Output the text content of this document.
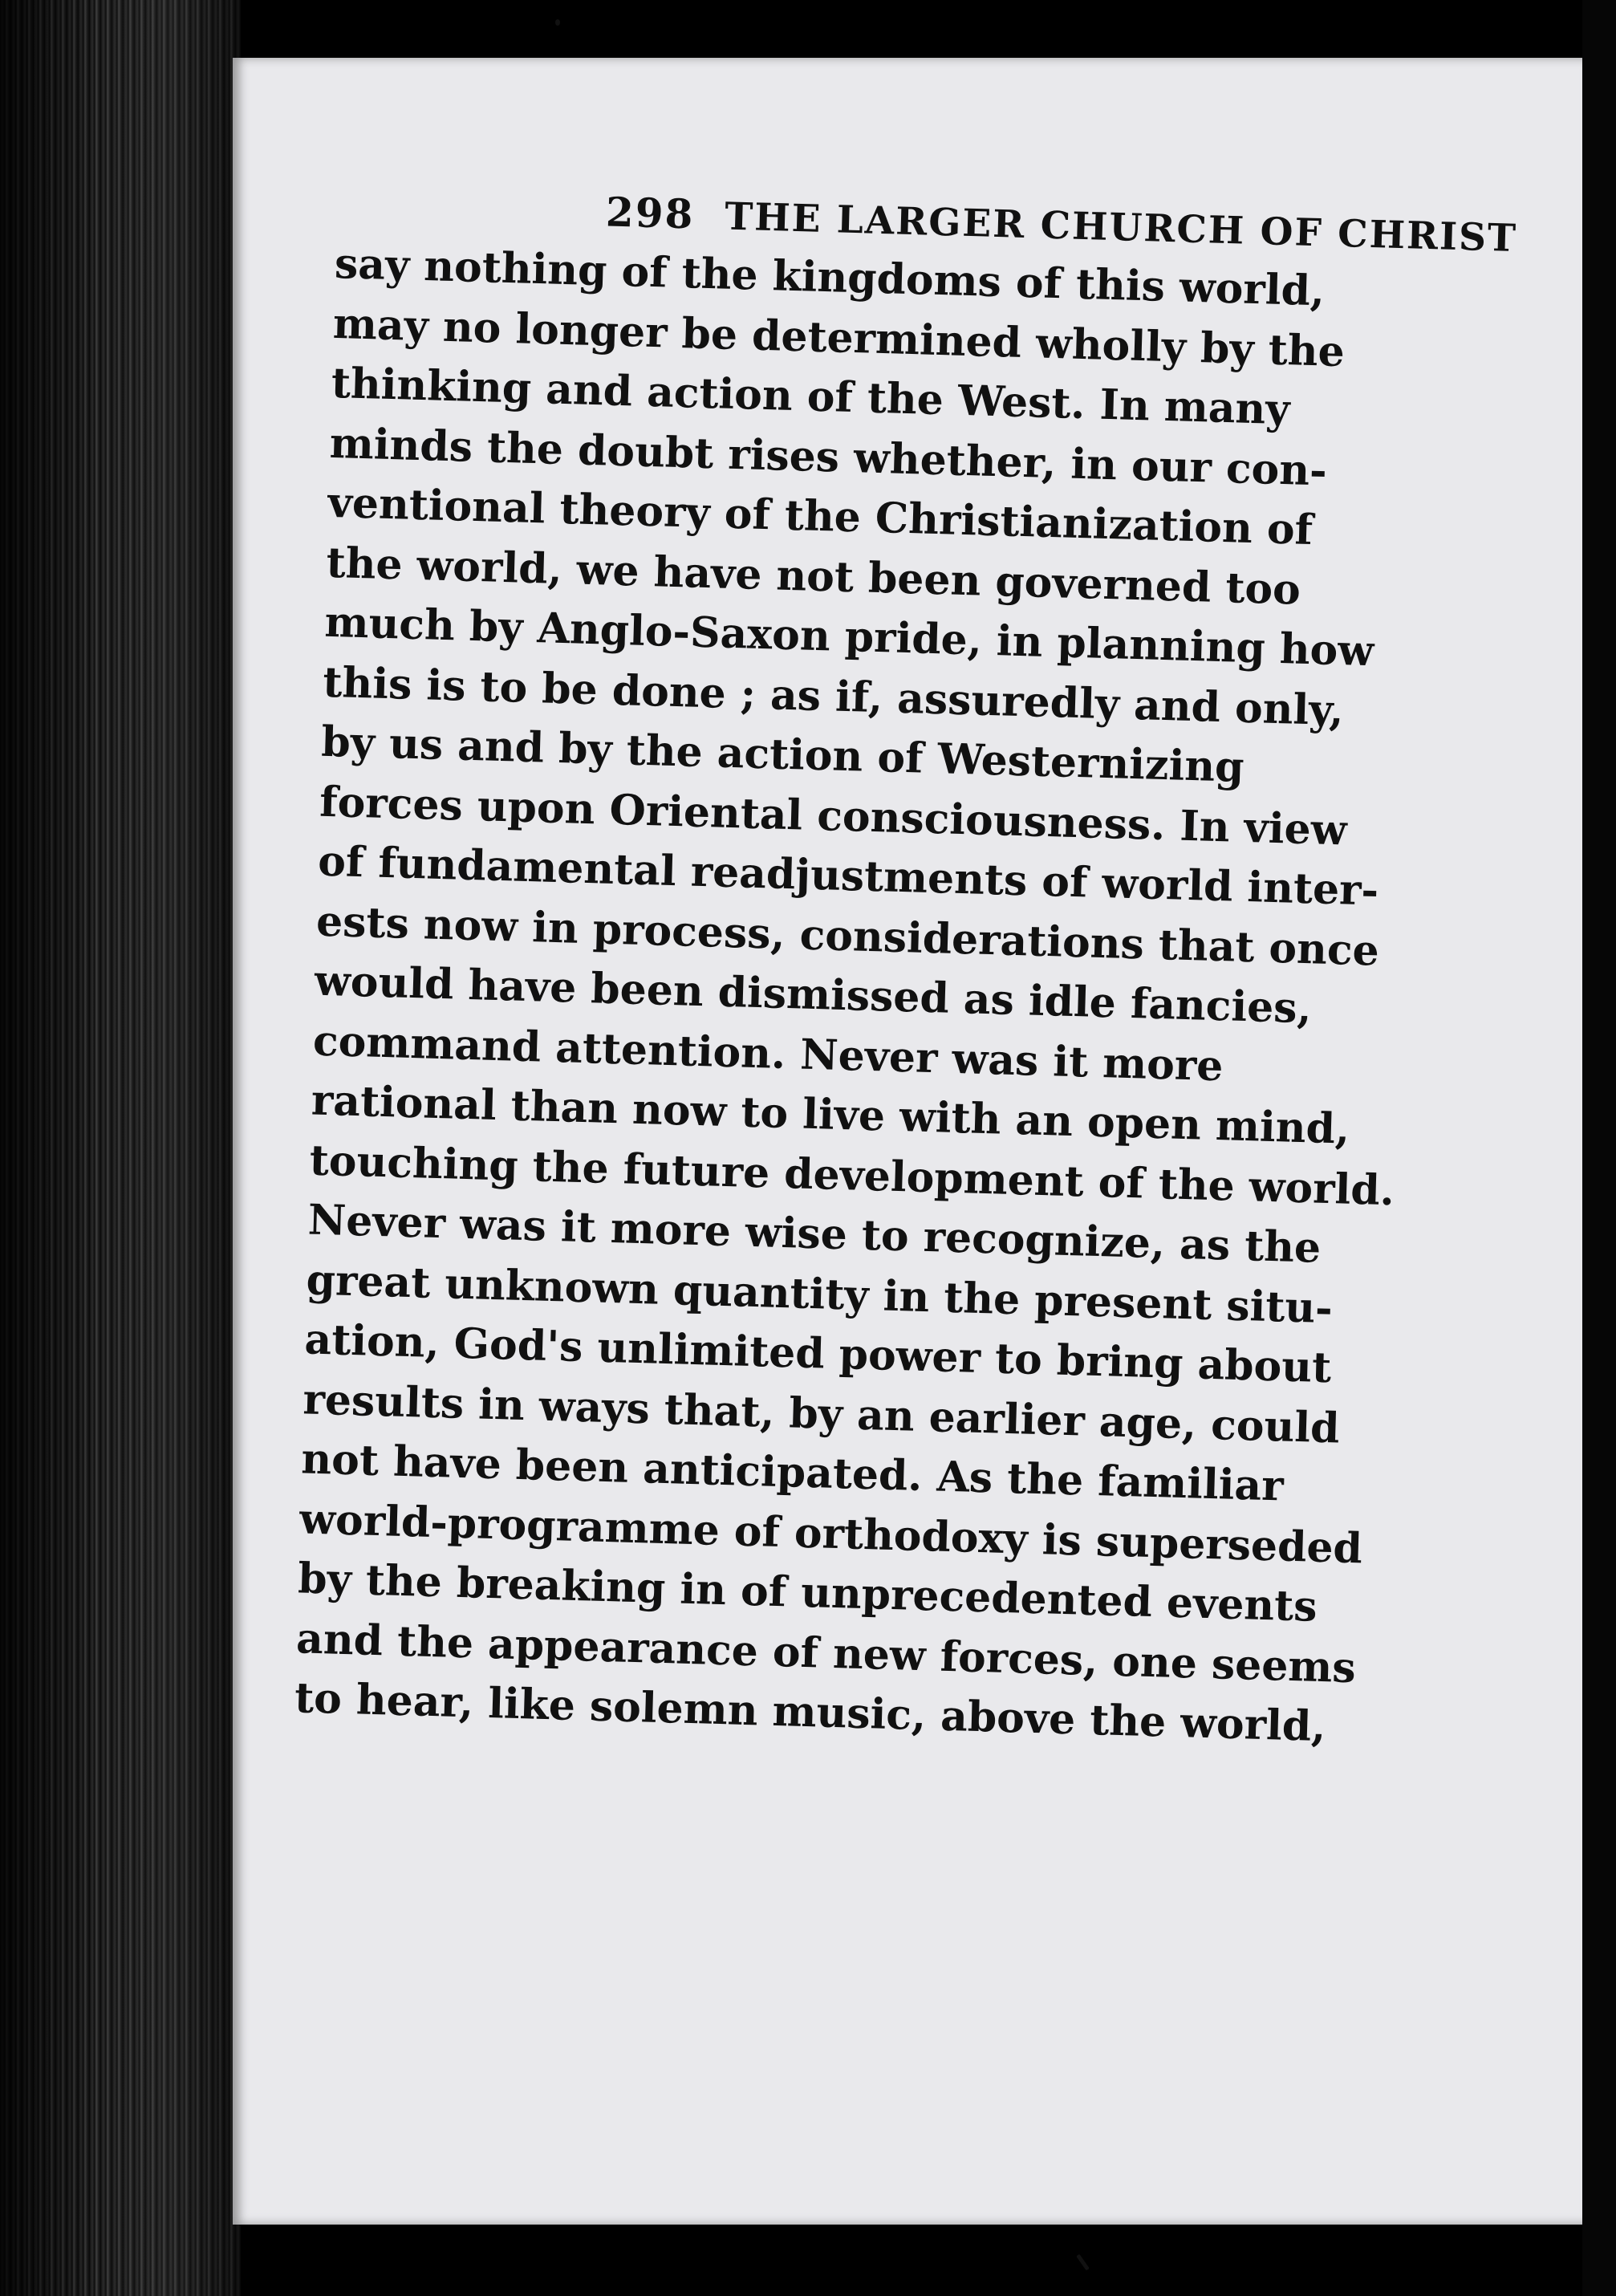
298 THE LARGER CHURCH OF CHRIST
say nothing of the kingdoms of this world,
may no longer be determined wholly by the
thinking and action of the West. In many
minds the doubt rises whether, in our con-
ventional theory of the Christianization of
the world, we have not been governed too
much by Anglo-Saxon pride, in planning how
this is to be done ; as if, assuredly and only,
by us and by the action of Westernizing
forces upon Oriental consciousness. In view
of fundamental readjustments of world inter-
ests now in process, considerations that once
would have been dismissed as idle fancies,
command attention. Never was it more
rational than now to live with an open mind,
touching the future development of the world.
Never was it more wise to recognize, as the
great unknown quantity in the present situ-
ation, God's unlimited power to bring about
results in ways that, by an earlier age, could
not have been anticipated. As the familiar
world-programme of orthodoxy is superseded
by the breaking in of unprecedented events
and the appearance of new forces, one seems
to hear, like solemn music, above the world,
